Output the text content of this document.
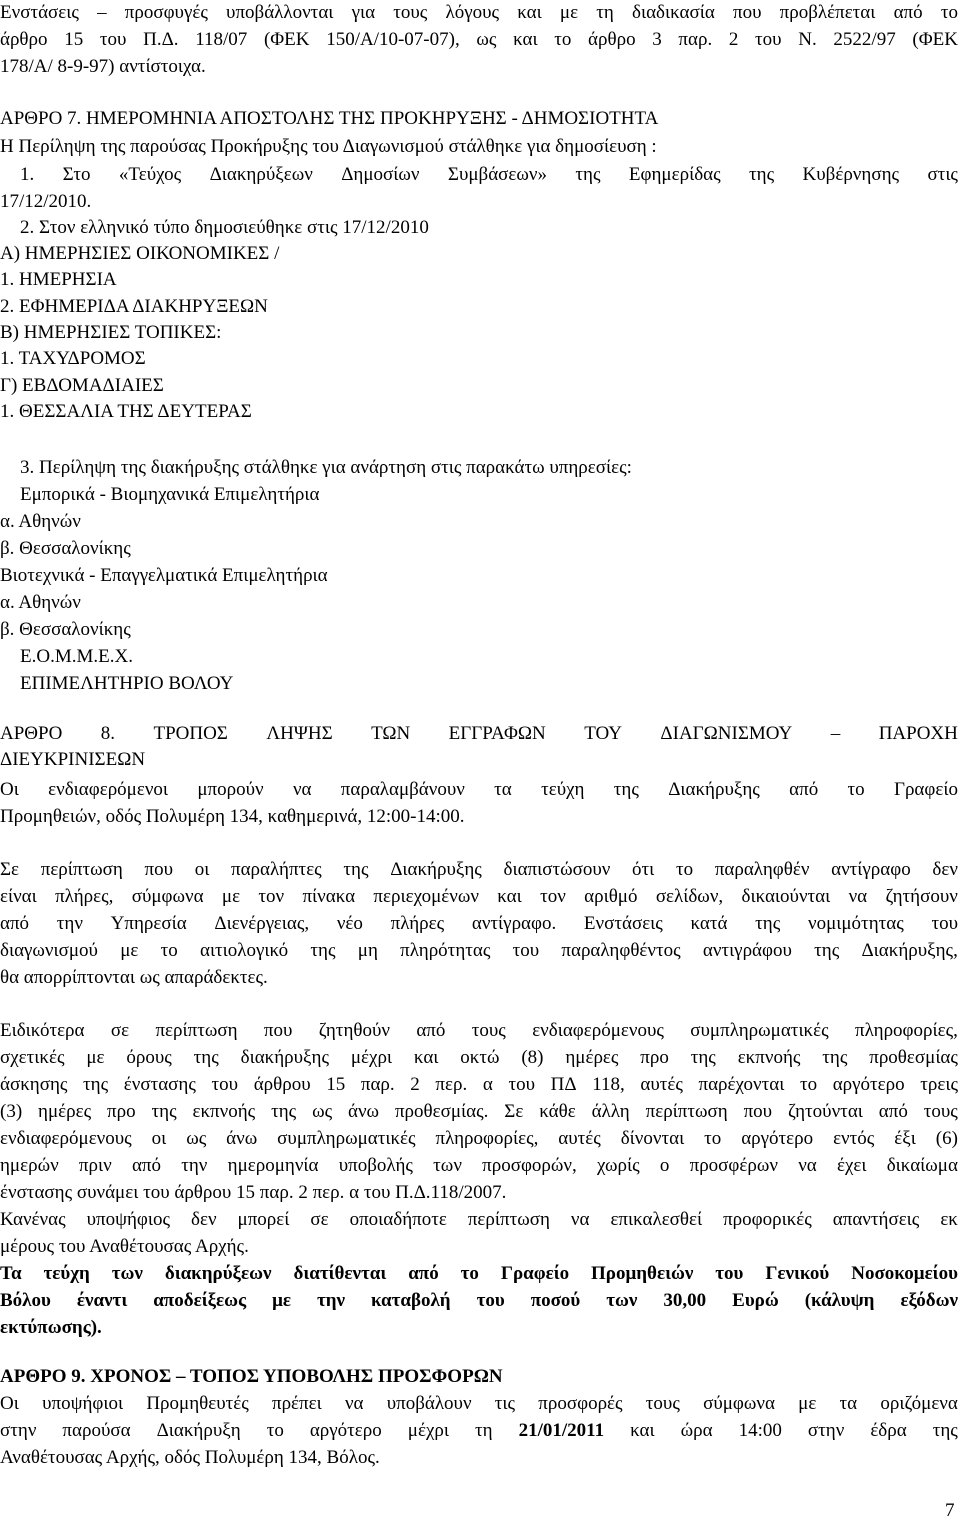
Ενστάσεις – προσφυγές υποβάλλονται για τους λόγους και με τη διαδικασία που προβλέπεται από το
άρθρο 15 του Π.Δ. 118/07 (ΦΕΚ 150/Α/10-07-07), ως και το άρθρο 3 παρ. 2 του Ν. 2522/97 (ΦΕΚ
178/Α/ 8-9-97) αντίστοιχα.
ΑΡΘΡΟ 7. ΗΜΕΡΟΜΗΝΙΑ ΑΠΟΣΤΟΛΗΣ ΤΗΣ ΠΡΟΚΗΡΥΞΗΣ - ΔΗΜΟΣΙΟΤΗΤΑ
Η Περίληψη της παρούσας Προκήρυξης του Διαγωνισμού στάλθηκε για δημοσίευση :
1. Στο «Τεύχος Διακηρύξεων Δημοσίων Συμβάσεων» της Εφημερίδας της Κυβέρνησης στις
17/12/2010.
2. Στον ελληνικό τύπο δημοσιεύθηκε στις 17/12/2010
Α) ΗΜΕΡΗΣΙΕΣ ΟΙΚΟΝΟΜΙΚΕΣ /
1. ΗΜΕΡΗΣΙΑ
2. ΕΦΗΜΕΡΙΔΑ ΔΙΑΚΗΡΥΞΕΩΝ
Β) ΗΜΕΡΗΣΙΕΣ ΤΟΠΙΚΕΣ:
1. ΤΑΧΥΔΡΟΜΟΣ
Γ) ΕΒΔΟΜΑΔΙΑΙΕΣ
1. ΘΕΣΣΑΛΙΑ ΤΗΣ ΔΕΥΤΕΡΑΣ
3. Περίληψη της διακήρυξης στάλθηκε για ανάρτηση στις παρακάτω υπηρεσίες:
Εμπορικά - Βιομηχανικά Επιμελητήρια
α. Αθηνών
β. Θεσσαλονίκης
Βιοτεχνικά - Επαγγελματικά Επιμελητήρια
α. Αθηνών
β. Θεσσαλονίκης
Ε.Ο.Μ.Μ.Ε.Χ.
ΕΠΙΜΕΛΗΤΗΡΙΟ ΒΟΛΟΥ
ΑΡΘΡΟ 8. ΤΡΟΠΟΣ ΛΗΨΗΣ ΤΩΝ ΕΓΓΡΑΦΩΝ ΤΟΥ ΔΙΑΓΩΝΙΣΜΟΥ – ΠΑΡΟΧΗ
ΔΙΕΥΚΡΙΝΙΣΕΩΝ
Οι ενδιαφερόμενοι μπορούν να παραλαμβάνουν τα τεύχη της Διακήρυξης από το Γραφείο
Προμηθειών, οδός Πολυμέρη 134, καθημερινά, 12:00-14:00.
Σε περίπτωση που οι παραλήπτες της Διακήρυξης διαπιστώσουν ότι το παραληφθέν αντίγραφο δεν
είναι πλήρες, σύμφωνα με τον πίνακα περιεχομένων και τον αριθμό σελίδων, δικαιούνται να ζητήσουν
από την Υπηρεσία Διενέργειας, νέο πλήρες αντίγραφο. Ενστάσεις κατά της νομιμότητας του
διαγωνισμού με το αιτιολογικό της μη πληρότητας του παραληφθέντος αντιγράφου της Διακήρυξης,
θα απορρίπτονται ως απαράδεκτες.
Ειδικότερα σε περίπτωση που ζητηθούν από τους ενδιαφερόμενους συμπληρωματικές πληροφορίες,
σχετικές με όρους της διακήρυξης μέχρι και οκτώ (8) ημέρες προ της εκπνοής της προθεσμίας
άσκησης της ένστασης του άρθρου 15 παρ. 2 περ. α του ΠΔ 118, αυτές παρέχονται το αργότερο τρεις
(3) ημέρες προ της εκπνοής της ως άνω προθεσμίας. Σε κάθε άλλη περίπτωση που ζητούνται από τους
ενδιαφερόμενους οι ως άνω συμπληρωματικές πληροφορίες, αυτές δίνονται το αργότερο εντός έξι (6)
ημερών πριν από την ημερομηνία υποβολής των προσφορών, χωρίς ο προσφέρων να έχει δικαίωμα
ένστασης συνάμει του άρθρου 15 παρ. 2 περ. α του Π.Δ.118/2007.
Κανένας υποψήφιος δεν μπορεί σε οποιαδήποτε περίπτωση να επικαλεσθεί προφορικές απαντήσεις εκ
μέρους του Αναθέτουσας Αρχής.
Τα τεύχη των διακηρύξεων διατίθενται από το Γραφείο Προμηθειών του Γενικού Νοσοκομείου
Βόλου έναντι αποδείξεως με την καταβολή του ποσού των 30,00 Ευρώ (κάλυψη εξόδων
εκτύπωσης).
ΑΡΘΡΟ 9. ΧΡΟΝΟΣ – ΤΟΠΟΣ ΥΠΟΒΟΛΗΣ ΠΡΟΣΦΟΡΩΝ
Οι υποψήφιοι Προμηθευτές πρέπει να υποβάλουν τις προσφορές τους σύμφωνα με τα οριζόμενα
στην παρούσα Διακήρυξη το αργότερο μέχρι τη 21/01/2011 και ώρα 14:00 στην έδρα της
Αναθέτουσας Αρχής, οδός Πολυμέρη 134, Βόλος.
7
